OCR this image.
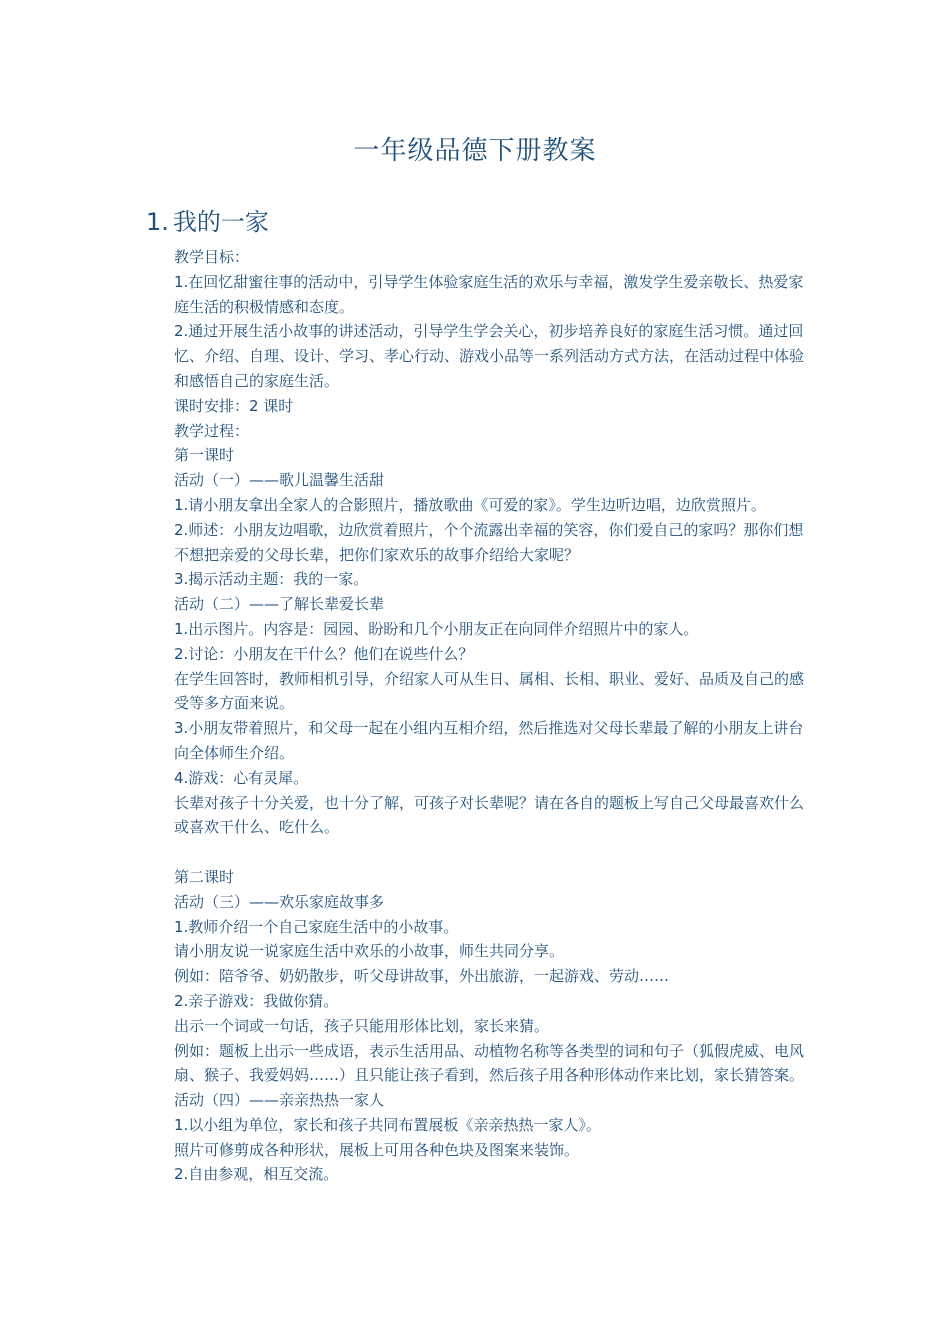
一年级品德下册教案
1. 我的一家

教学目标：

1.在回忆甜蜜往事的活动中，引导学生体验家庭生活的欢乐与幸福，激发学生爱亲敬长、热爱家庭生活的积极情感和态度。

2.通过开展生活小故事的讲述活动，引导学生学会关心，初步培养良好的家庭生活习惯。通过回忆、介绍、自理、设计、学习、孝心行动、游戏小品等一系列活动方式方法，在活动过程中体验和感悟自己的家庭生活。

课时安排：2 课时

教学过程：

第一课时

活动（一）——歌儿温馨生活甜

1.请小朋友拿出全家人的合影照片，播放歌曲《可爱的家》。学生边听边唱，边欣赏照片。

2.师述：小朋友边唱歌，边欣赏着照片，个个流露出幸福的笑容，你们爱自己的家吗？那你们想不想把亲爱的父母长辈，把你们家欢乐的故事介绍给大家呢？

3.揭示活动主题：我的一家。

活动（二）——了解长辈爱长辈

1.出示图片。内容是：园园、盼盼和几个小朋友正在向同伴介绍照片中的家人。

2.讨论：小朋友在干什么？他们在说些什么？

在学生回答时，教师相机引导，介绍家人可从生日、属相、长相、职业、爱好、品质及自己的感受等多方面来说。

3.小朋友带着照片，和父母一起在小组内互相介绍，然后推选对父母长辈最了解的小朋友上讲台向全体师生介绍。

4.游戏：心有灵犀。

长辈对孩子十分关爱，也十分了解，可孩子对长辈呢？请在各自的题板上写自己父母最喜欢什么或喜欢干什么、吃什么。

第二课时

活动（三）——欢乐家庭故事多

1.教师介绍一个自己家庭生活中的小故事。

请小朋友说一说家庭生活中欢乐的小故事，师生共同分享。

例如：陪爷爷、奶奶散步，听父母讲故事，外出旅游，一起游戏、劳动……

2.亲子游戏：我做你猜。

出示一个词或一句话，孩子只能用形体比划，家长来猜。

例如：题板上出示一些成语，表示生活用品、动植物名称等各类型的词和句子（狐假虎威、电风扇、猴子、我爱妈妈……）且只能让孩子看到，然后孩子用各种形体动作来比划，家长猜答案。

活动（四）——亲亲热热一家人

1.以小组为单位，家长和孩子共同布置展板《亲亲热热一家人》。

照片可修剪成各种形状，展板上可用各种色块及图案来装饰。

2.自由参观，相互交流。
